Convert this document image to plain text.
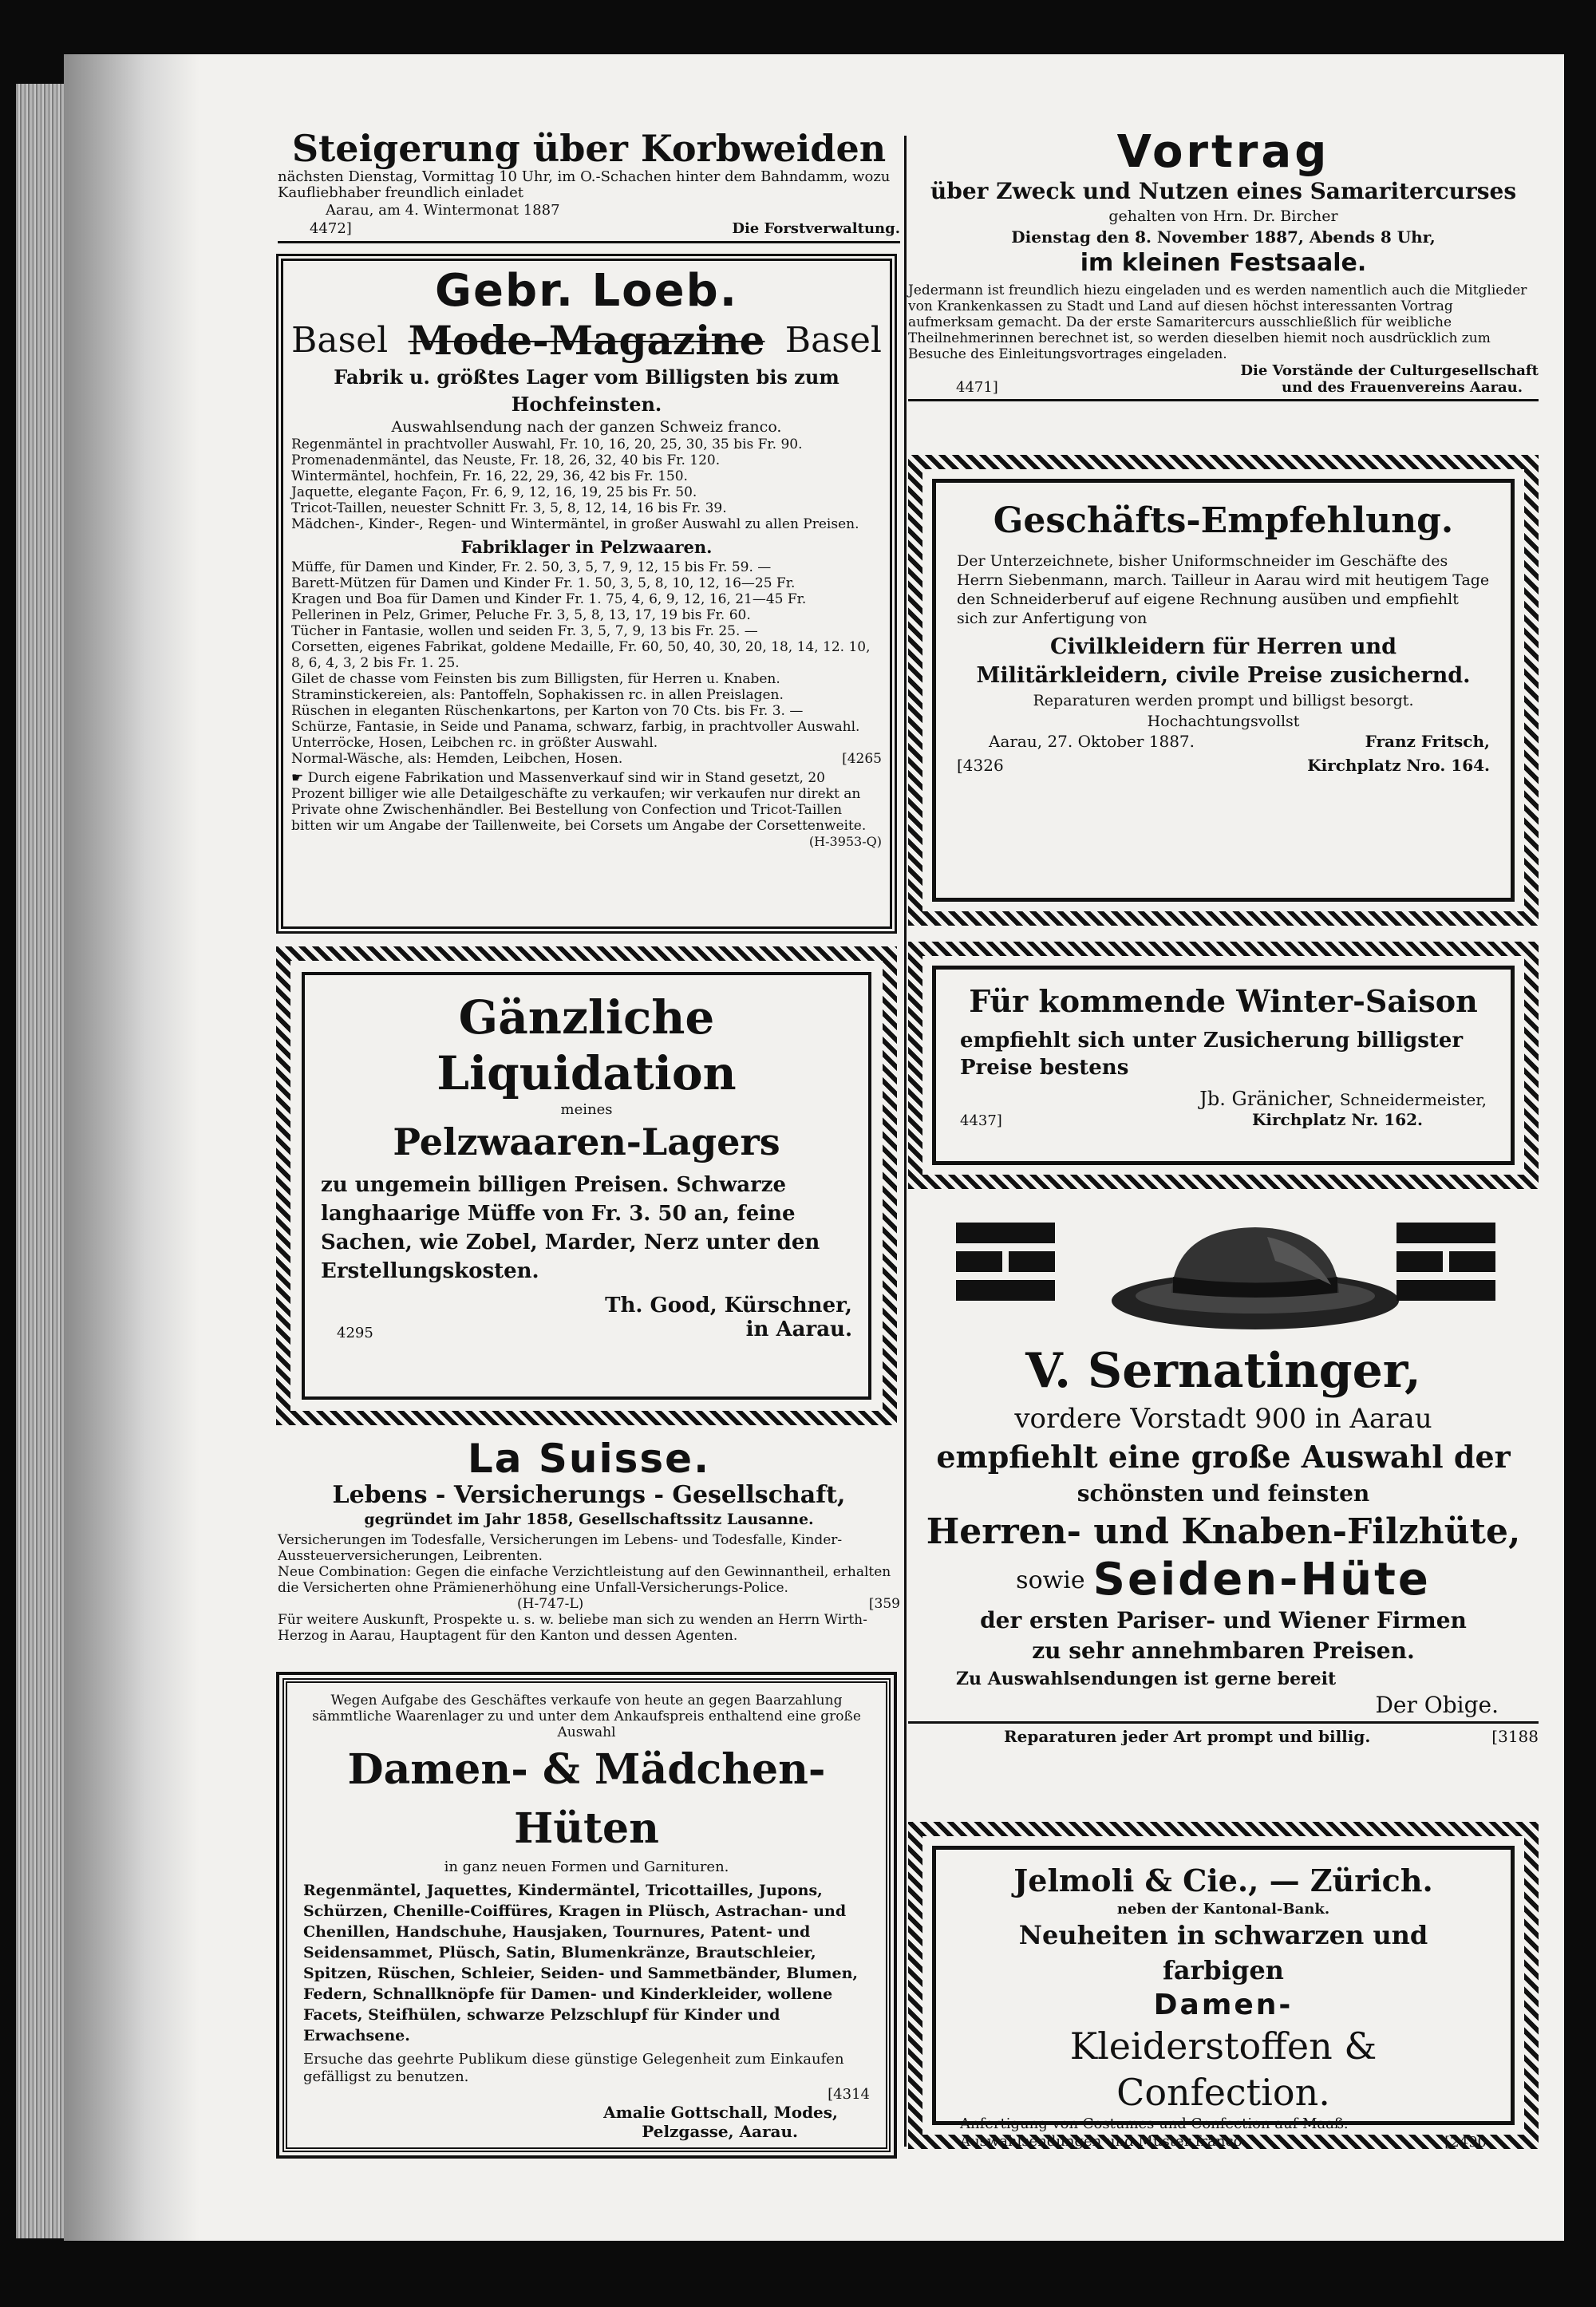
Steigerung über Korbweiden

nächsten Dienstag, Vormittag 10 Uhr, im O.-Schachen hinter dem Bahndamm, wozu Kaufliebhaber freundlich einladet

Aarau, am 4. Wintermonat 1887

4472]	Die Forstverwaltung.

Gebr. Loeb.

Basel Mode-Magazine Basel

Fabrik u. größtes Lager vom Billigsten bis zum Hochfeinsten.

Auswahlsendung nach der ganzen Schweiz franco.

Regenmäntel in prachtvoller Auswahl, Fr. 10, 16, 20, 25, 30, 35 bis Fr. 90.

Promenadenmäntel, das Neuste, Fr. 18, 26, 32, 40 bis Fr. 120.

Wintermäntel, hochfein, Fr. 16, 22, 29, 36, 42 bis Fr. 150.

Jaquette, elegante Façon, Fr. 6, 9, 12, 16, 19, 25 bis Fr. 50.

Tricot-Taillen, neuester Schnitt Fr. 3, 5, 8, 12, 14, 16 bis Fr. 39.

Mädchen-, Kinder-, Regen- und Wintermäntel, in großer Auswahl zu allen Preisen.

Fabriklager in Pelzwaaren.

Müffe, für Damen und Kinder, Fr. 2. 50, 3, 5, 7, 9, 12, 15 bis Fr. 59. —

Barett-Mützen für Damen und Kinder Fr. 1. 50, 3, 5, 8, 10, 12, 16—25 Fr.

Kragen und Boa für Damen und Kinder Fr. 1. 75, 4, 6, 9, 12, 16, 21—45 Fr.

Pellerinen in Pelz, Grimer, Peluche Fr. 3, 5, 8, 13, 17, 19 bis Fr. 60.

Tücher in Fantasie, wollen und seiden Fr. 3, 5, 7, 9, 13 bis Fr. 25. —

Corsetten, eigenes Fabrikat, goldene Medaille, Fr. 60, 50, 40, 30, 20, 18, 14, 12. 10, 8, 6, 4, 3, 2 bis Fr. 1. 25.

Gilet de chasse vom Feinsten bis zum Billigsten, für Herren u. Knaben.

Straminstickereien, als: Pantoffeln, Sophakissen rc. in allen Preislagen.

Rüschen in eleganten Rüschenkartons, per Karton von 70 Cts. bis Fr. 3. —

Schürze, Fantasie, in Seide und Panama, schwarz, farbig, in prachtvoller Auswahl.

Unterröcke, Hosen, Leibchen rc. in größter Auswahl.

Normal-Wäsche, als: Hemden, Leibchen, Hosen.	[4265

☛ Durch eigene Fabrikation und Massenverkauf sind wir in Stand gesetzt, 20 Prozent billiger wie alle Detailgeschäfte zu verkaufen; wir verkaufen nur direkt an Private ohne Zwischenhändler. Bei Bestellung von Confection und Tricot-Taillen bitten wir um Angabe der Taillenweite, bei Corsets um Angabe der Corsettenweite.

(H-3953-Q)

Gänzliche Liquidation

meines

Pelzwaaren-Lagers

zu ungemein billigen Preisen. Schwarze langhaarige Müffe von Fr. 3. 50 an, feine Sachen, wie Zobel, Marder, Nerz unter den Erstellungskosten.

4295

Th. Good, Kürschner,

in Aarau.

La Suisse.

Lebens - Versicherungs - Gesellschaft,

gegründet im Jahr 1858, Gesellschaftssitz Lausanne.

Versicherungen im Todesfalle, Versicherungen im Lebens- und Todesfalle, Kinder-Aussteuerversicherungen, Leibrenten.

Neue Combination: Gegen die einfache Verzichtleistung auf den Gewinnantheil, erhalten die Versicherten ohne Prämienerhöhung eine Unfall-Versicherungs-Police.

(H-747-L)	[359

Für weitere Auskunft, Prospekte u. s. w. beliebe man sich zu wenden an Herrn Wirth-Herzog in Aarau, Hauptagent für den Kanton und dessen Agenten.

Wegen Aufgabe des Geschäftes verkaufe von heute an gegen Baarzahlung sämmtliche Waarenlager zu und unter dem Ankaufspreis enthaltend eine große Auswahl

Damen- & Mädchen-Hüten

in ganz neuen Formen und Garnituren.

Regenmäntel, Jaquettes, Kindermäntel, Tricottailles, Jupons, Schürzen, Chenille-Coiffüres, Kragen in Plüsch, Astrachan- und Chenillen, Handschuhe, Hausjaken, Tournures, Patent- und Seidensammet, Plüsch, Satin, Blumenkränze, Brautschleier, Spitzen, Rüschen, Schleier, Seiden- und Sammetbänder, Blumen, Federn, Schnallknöpfe für Damen- und Kinderkleider, wollene Facets, Steifhülen, schwarze Pelzschlupf für Kinder und Erwachsene.

Ersuche das geehrte Publikum diese günstige Gelegenheit zum Einkaufen gefälligst zu benutzen.

[4314

Amalie Gottschall, Modes,

Pelzgasse, Aarau.

Vortrag

über Zweck und Nutzen eines Samaritercurses

gehalten von Hrn. Dr. Bircher

Dienstag den 8. November 1887, Abends 8 Uhr,

im kleinen Festsaale.

Jedermann ist freundlich hiezu eingeladen und es werden namentlich auch die Mitglieder von Krankenkassen zu Stadt und Land auf diesen höchst interessanten Vortrag aufmerksam gemacht. Da der erste Samaritercurs ausschließlich für weibliche Theilnehmerinnen berechnet ist, so werden dieselben hiemit noch ausdrücklich zum Besuche des Einleitungsvortrages eingeladen.

4471]

Die Vorstände der Culturgesellschaft

und des Frauenvereins Aarau.

Geschäfts-Empfehlung.

Der Unterzeichnete, bisher Uniformschneider im Geschäfte des Herrn Siebenmann, march. Tailleur in Aarau wird mit heutigem Tage den Schneiderberuf auf eigene Rechnung ausüben und empfiehlt sich zur Anfertigung von

Civilkleidern für Herren und Militärkleidern, civile Preise zusichernd.

Reparaturen werden prompt und billigst besorgt.

Hochachtungsvollst

Aarau, 27. Oktober 1887.	Franz Fritsch,
[4326	Kirchplatz Nro. 164.

Für kommende Winter-Saison

empfiehlt sich unter Zusicherung billigster Preise bestens

4437]

Jb. Gränicher, Schneidermeister,

Kirchplatz Nr. 162.

V. Sernatinger,

vordere Vorstadt 900 in Aarau

empfiehlt eine große Auswahl der

schönsten und feinsten

Herren- und Knaben-Filzhüte,

sowie Seiden-Hüte

der ersten Pariser- und Wiener Firmen

zu sehr annehmbaren Preisen.

Zu Auswahlsendungen ist gerne bereit

Der Obige.

Reparaturen jeder Art prompt und billig.	[3188

Jelmoli & Cie., — Zürich.

neben der Kantonal-Bank.

Neuheiten in schwarzen und farbigen

Damen-

Kleiderstoffen & Confection.

Anfertigung von Costumes und Confection auf Maaß. Auswahlsendungen und Muster franco.	[2490
